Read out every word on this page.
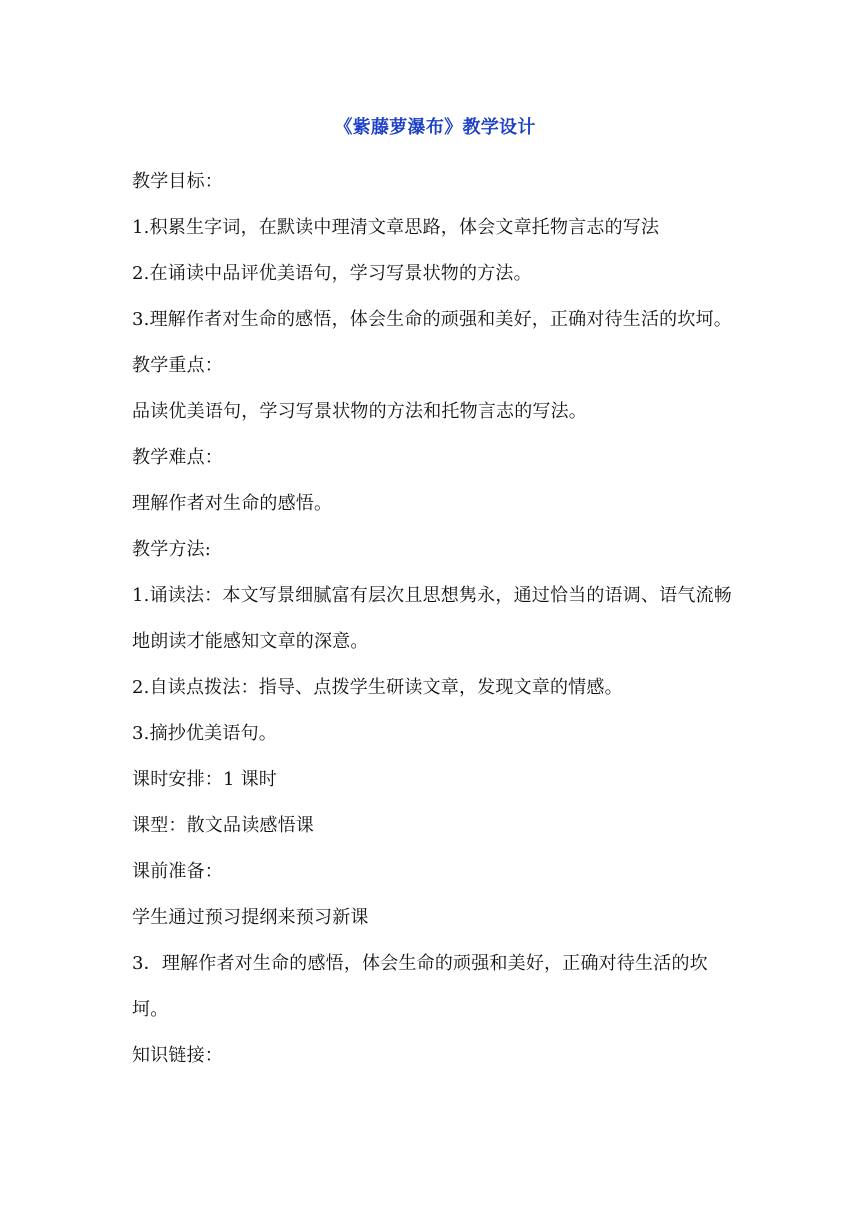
《紫藤萝瀑布》教学设计

教学目标：

1.积累生字词，在默读中理清文章思路，体会文章托物言志的写法

2.在诵读中品评优美语句，学习写景状物的方法。

3.理解作者对生命的感悟，体会生命的顽强和美好，正确对待生活的坎坷。

教学重点：

品读优美语句，学习写景状物的方法和托物言志的写法。

教学难点：

理解作者对生命的感悟。

教学方法:

1.诵读法：本文写景细腻富有层次且思想隽永，通过恰当的语调、语气流畅地朗读才能感知文章的深意。

2.自读点拨法：指导、点拨学生研读文章，发现文章的情感。

3.摘抄优美语句。

课时安排：1 课时

课型：散文品读感悟课

课前准备：

学生通过预习提纲来预习新课

3．理解作者对生命的感悟，体会生命的顽强和美好，正确对待生活的坎坷。

知识链接：
